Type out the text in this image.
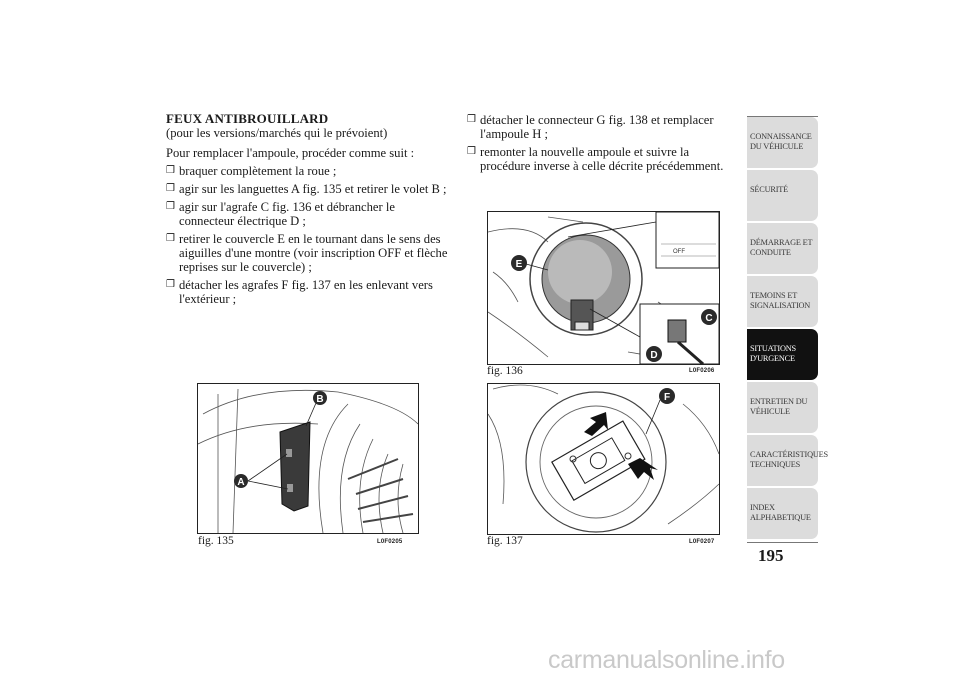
FEUX ANTIBROUILLARD
(pour les versions/marchés qui le prévoient)
Pour remplacer l'ampoule, procéder comme suit :
❒ braquer complètement la roue ;
❒ agir sur les languettes A fig. 135 et retirer le volet B ;
❒ agir sur l'agrafe C fig. 136 et débrancher le connecteur électrique D ;
❒ retirer le couvercle E en le tournant dans le sens des aiguilles d'une montre (voir inscription OFF et flèche reprises sur le couvercle) ;
❒ détacher les agrafes F fig. 137 en les enlevant vers l'extérieur ;
❒ détacher le connecteur G fig. 138 et remplacer l'ampoule H ;
❒ remonter la nouvelle ampoule et suivre la procédure inverse à celle décrite précédemment.
A
B
fig. 135	L0F0205
OFF
E
C
D
fig. 136	L0F0206
F
fig. 137	L0F0207
CONNAISSANCE DU VÉHICULE
SÉCURITÉ
DÉMARRAGE ET CONDUITE
TEMOINS ET SIGNALISATION
SITUATIONS D'URGENCE
ENTRETIEN DU VÉHICULE
CARACTÉRISTIQUES TECHNIQUES
INDEX ALPHABETIQUE
195
carmanualsonline.info
